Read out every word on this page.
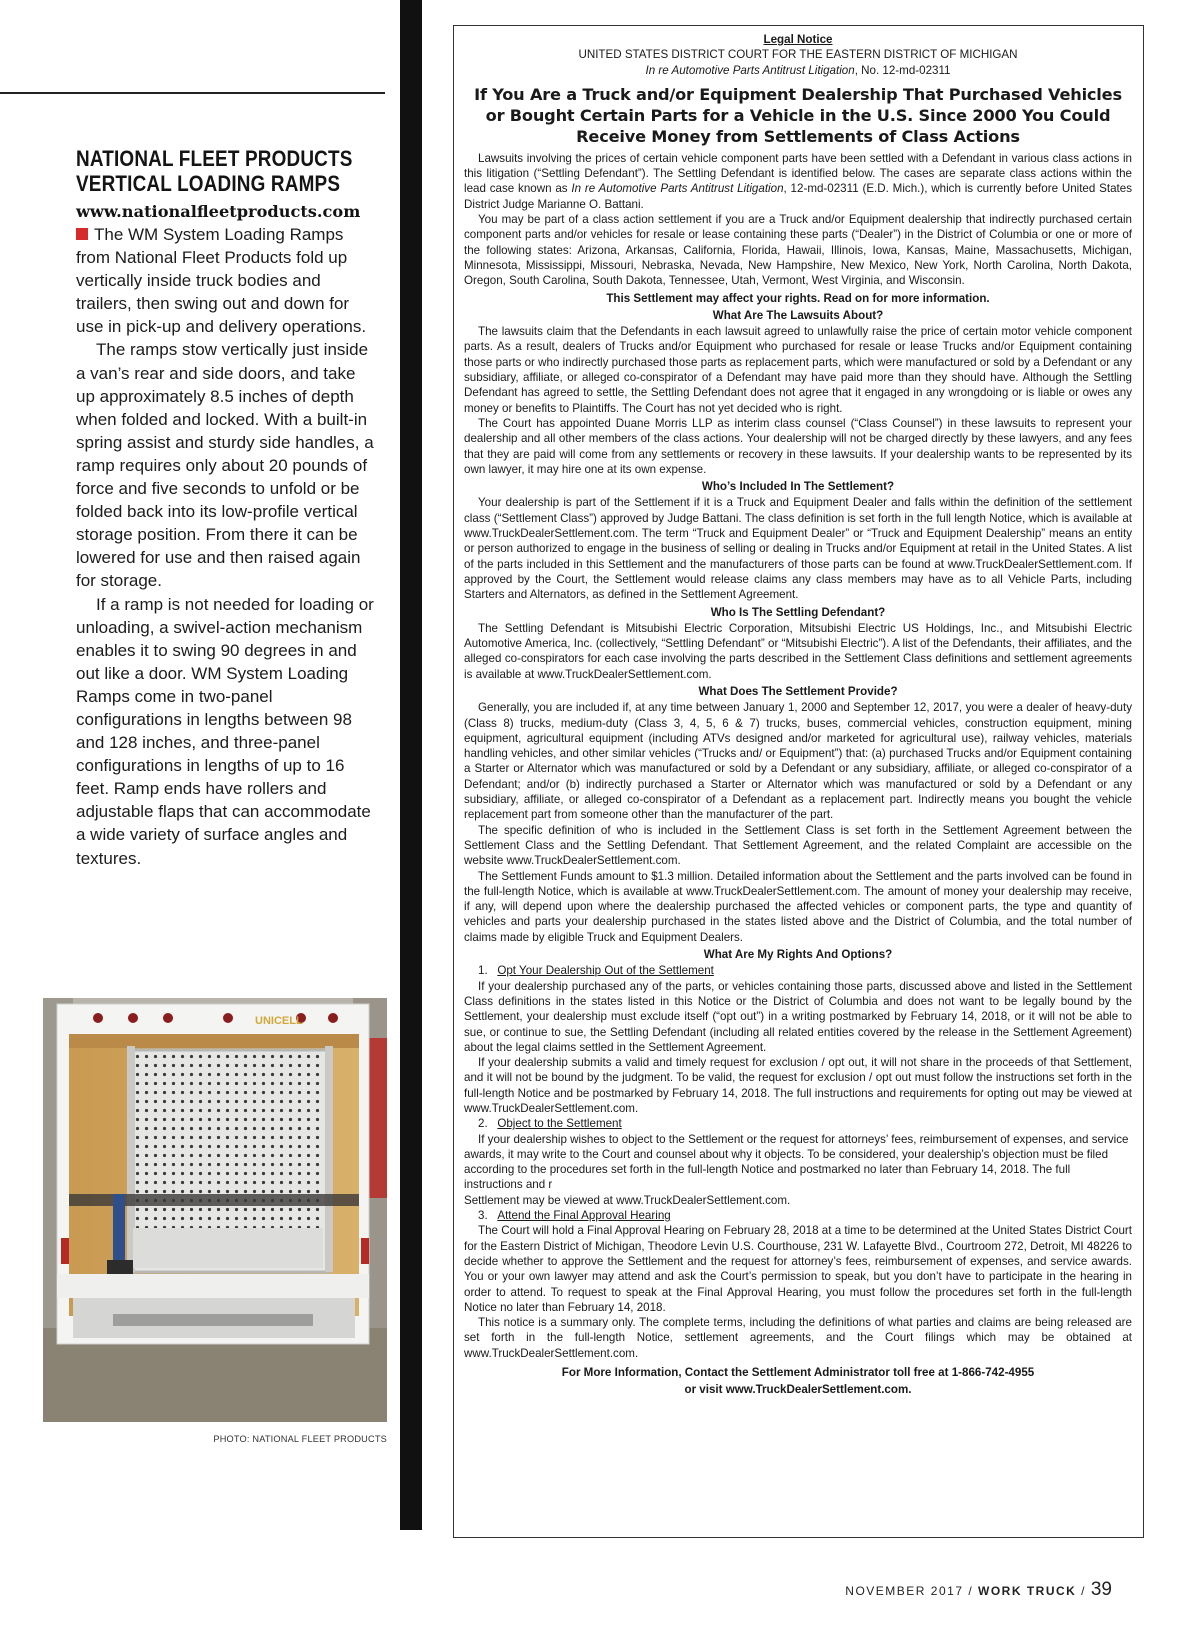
NATIONAL FLEET PRODUCTS
VERTICAL LOADING RAMPS
www.nationalfleetproducts.com

The WM System Loading Ramps from National Fleet Products fold up vertically inside truck bodies and trailers, then swing out and down for use in pick-up and delivery operations.

The ramps stow vertically just inside a van’s rear and side doors, and take up approximately 8.5 inches of depth when folded and locked. With a built-in spring assist and sturdy side handles, a ramp requires only about 20 pounds of force and five seconds to unfold or be folded back into its low-profile vertical storage position. From there it can be lowered for use and then raised again for storage.

If a ramp is not needed for loading or unloading, a swivel-action mechanism enables it to swing 90 degrees in and out like a door. WM System Loading Ramps come in two-panel configurations in lengths between 98 and 128 inches, and three-panel configurations in lengths of up to 16 feet. Ramp ends have rollers and adjustable flaps that can accommodate a wide variety of surface angles and textures.

UNICELL
PHOTO: NATIONAL FLEET PRODUCTS
Legal Notice
UNITED STATES DISTRICT COURT FOR THE EASTERN DISTRICT OF MICHIGAN
In re Automotive Parts Antitrust Litigation, No. 12-md-02311
If You Are a Truck and/or Equipment Dealership That Purchased Vehicles or Bought Certain Parts for a Vehicle in the U.S. Since 2000 You Could Receive Money from Settlements of Class Actions

Lawsuits involving the prices of certain vehicle component parts have been settled with a Defendant in various class actions in this litigation (“Settling Defendant”). The Settling Defendant is identified below. The cases are separate class actions within the lead case known as In re Automotive Parts Antitrust Litigation, 12-md-02311 (E.D. Mich.), which is currently before United States District Judge Marianne O. Battani.

You may be part of a class action settlement if you are a Truck and/or Equipment dealership that indirectly purchased certain component parts and/or vehicles for resale or lease containing these parts (“Dealer”) in the District of Columbia or one or more of the following states: Arizona, Arkansas, California, Florida, Hawaii, Illinois, Iowa, Kansas, Maine, Massachusetts, Michigan, Minnesota, Mississippi, Missouri, Nebraska, Nevada, New Hampshire, New Mexico, New York, North Carolina, North Dakota, Oregon, South Carolina, South Dakota, Tennessee, Utah, Vermont, West Virginia, and Wisconsin.

This Settlement may affect your rights. Read on for more information.
What Are The Lawsuits About?

The lawsuits claim that the Defendants in each lawsuit agreed to unlawfully raise the price of certain motor vehicle component parts. As a result, dealers of Trucks and/or Equipment who purchased for resale or lease Trucks and/or Equipment containing those parts or who indirectly purchased those parts as replacement parts, which were manufactured or sold by a Defendant or any subsidiary, affiliate, or alleged co-conspirator of a Defendant may have paid more than they should have. Although the Settling Defendant has agreed to settle, the Settling Defendant does not agree that it engaged in any wrongdoing or is liable or owes any money or benefits to Plaintiffs. The Court has not yet decided who is right.

The Court has appointed Duane Morris LLP as interim class counsel (“Class Counsel”) in these lawsuits to represent your dealership and all other members of the class actions. Your dealership will not be charged directly by these lawyers, and any fees that they are paid will come from any settlements or recovery in these lawsuits. If your dealership wants to be represented by its own lawyer, it may hire one at its own expense.

Who’s Included In The Settlement?

Your dealership is part of the Settlement if it is a Truck and Equipment Dealer and falls within the definition of the settlement class (“Settlement Class”) approved by Judge Battani. The class definition is set forth in the full length Notice, which is available at www.TruckDealerSettlement.com. The term “Truck and Equipment Dealer” or “Truck and Equipment Dealership” means an entity or person authorized to engage in the business of selling or dealing in Trucks and/or Equipment at retail in the United States. A list of the parts included in this Settlement and the manufacturers of those parts can be found at www.TruckDealerSettlement.com. If approved by the Court, the Settlement would release claims any class members may have as to all Vehicle Parts, including Starters and Alternators, as defined in the Settlement Agreement.

Who Is The Settling Defendant?

The Settling Defendant is Mitsubishi Electric Corporation, Mitsubishi Electric US Holdings, Inc., and Mitsubishi Electric Automotive America, Inc. (collectively, “Settling Defendant” or “Mitsubishi Electric”). A list of the Defendants, their affiliates, and the alleged co-conspirators for each case involving the parts described in the Settlement Class definitions and settlement agreements is available at www.TruckDealerSettlement.com.

What Does The Settlement Provide?

Generally, you are included if, at any time between January 1, 2000 and September 12, 2017, you were a dealer of heavy-duty (Class 8) trucks, medium-duty (Class 3, 4, 5, 6 & 7) trucks, buses, commercial vehicles, construction equipment, mining equipment, agricultural equipment (including ATVs designed and/or marketed for agricultural use), railway vehicles, materials handling vehicles, and other similar vehicles (“Trucks and/ or Equipment”) that: (a) purchased Trucks and/or Equipment containing a Starter or Alternator which was manufactured or sold by a Defendant or any subsidiary, affiliate, or alleged co-conspirator of a Defendant; and/or (b) indirectly purchased a Starter or Alternator which was manufactured or sold by a Defendant or any subsidiary, affiliate, or alleged co-conspirator of a Defendant as a replacement part. Indirectly means you bought the vehicle replacement part from someone other than the manufacturer of the part.

The specific definition of who is included in the Settlement Class is set forth in the Settlement Agreement between the Settlement Class and the Settling Defendant. That Settlement Agreement, and the related Complaint are accessible on the website www.TruckDealerSettlement.com.

The Settlement Funds amount to $1.3 million. Detailed information about the Settlement and the parts involved can be found in the full-length Notice, which is available at www.TruckDealerSettlement.com. The amount of money your dealership may receive, if any, will depend upon where the dealership purchased the affected vehicles or component parts, the type and quantity of vehicles and parts your dealership purchased in the states listed above and the District of Columbia, and the total number of claims made by eligible Truck and Equipment Dealers.

What Are My Rights And Options?
1. Opt Your Dealership Out of the Settlement

If your dealership purchased any of the parts, or vehicles containing those parts, discussed above and listed in the Settlement Class definitions in the states listed in this Notice or the District of Columbia and does not want to be legally bound by the Settlement, your dealership must exclude itself (“opt out”) in a writing postmarked by February 14, 2018, or it will not be able to sue, or continue to sue, the Settling Defendant (including all related entities covered by the release in the Settlement Agreement) about the legal claims settled in the Settlement Agreement.

If your dealership submits a valid and timely request for exclusion / opt out, it will not share in the proceeds of that Settlement, and it will not be bound by the judgment. To be valid, the request for exclusion / opt out must follow the instructions set forth in the full-length Notice and be postmarked by February 14, 2018. The full instructions and requirements for opting out may be viewed at www.TruckDealerSettlement.com.

2. Object to the Settlement

If your dealership wishes to object to the Settlement or the request for attorneys’ fees, reimbursement of expenses, and service awards, it may write to the Court and counsel about why it objects. To be considered, your dealership’s objection must be filed according to the procedures set forth in the full-length Notice and postmarked no later than February 14, 2018. The full instructions and r

Settlement may be viewed at www.TruckDealerSettlement.com.

3. Attend the Final Approval Hearing

The Court will hold a Final Approval Hearing on February 28, 2018 at a time to be determined at the United States District Court for the Eastern District of Michigan, Theodore Levin U.S. Courthouse, 231 W. Lafayette Blvd., Courtroom 272, Detroit, MI 48226 to decide whether to approve the Settlement and the request for attorney’s fees, reimbursement of expenses, and service awards. You or your own lawyer may attend and ask the Court’s permission to speak, but you don’t have to participate in the hearing in order to attend. To request to speak at the Final Approval Hearing, you must follow the procedures set forth in the full-length Notice no later than February 14, 2018.

This notice is a summary only. The complete terms, including the definitions of what parties and claims are being released are set forth in the full-length Notice, settlement agreements, and the Court filings which may be obtained at www.TruckDealerSettlement.com.

For More Information, Contact the Settlement Administrator toll free at 1-866-742-4955
or visit www.TruckDealerSettlement.com.
NOVEMBER 2017 / WORK TRUCK / 39
